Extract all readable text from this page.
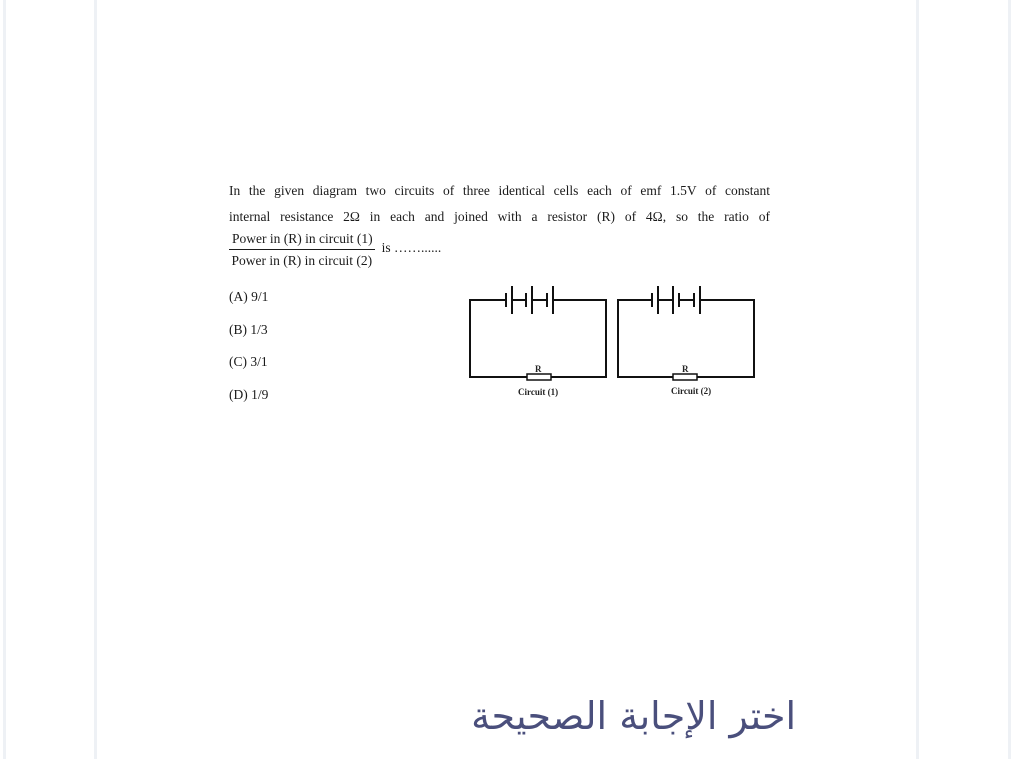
In the given diagram two circuits of three identical cells each of emf 1.5V of constant

internal resistance 2Ω in each and joined with a resistor (R) of 4Ω, so the ratio of

$\frac{\text{Power in (R) in circuit (1)}}{\text{Power in (R) in circuit (2)}}$ is ……......
(A) 9/1
(B) 1/3
(C) 3/1
(D) 1/9
R
Circuit (1)
R
Circuit (2)
اختر الإجابة الصحيحة
